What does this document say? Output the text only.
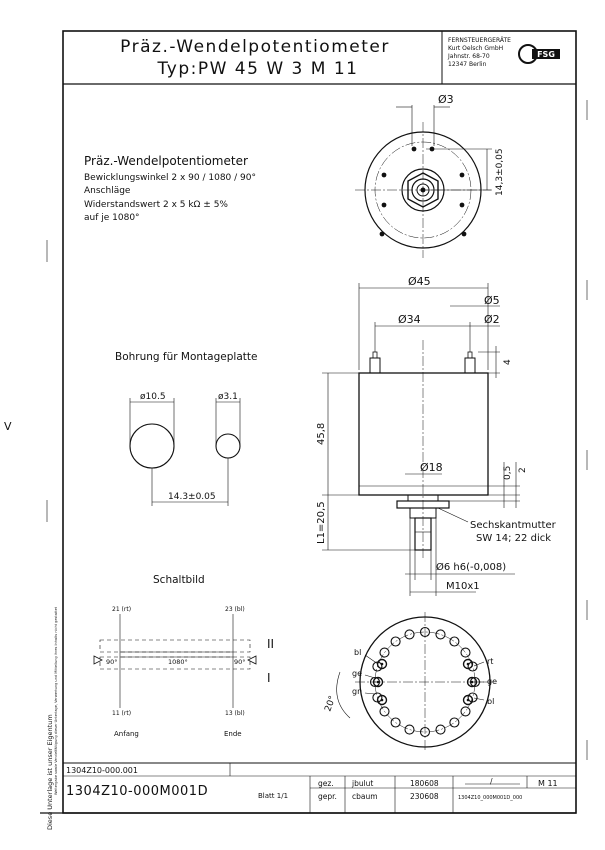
V
Präz.-Wendelpotentiometer
Typ:PW 45 W 3 M 11
FERNSTEUERGERÄTE
Kurt Oelsch GmbH
Jahnstr. 68-70
12347 Berlin
FSG
Präz.-Wendelpotentiometer
Bewicklungswinkel 2 x 90 / 1080 / 90°
Anschläge
Widerstandswert 2 x 5 kΩ ± 5%
auf je 1080°
Ø3
14,3±0,05
Ø45
Ø5
Ø34	Ø2
4
45,8
L1=20,5
Ø18	0,5 2
Sechskantmutter
SW 14; 22 dick
Ø6 h6(-0,008)
M10x1
Bohrung für Montageplatte
ø10.5	ø3.1
14.3±0.05
Schaltbild
21 (rt)	23 (bl)
90°	1080°	90°
II
I
11 (rt)	13 (bl)
Anfang	Ende
bl
ge
gn
rt
ge
bl
20°
Diese Unterlage ist unser Eigentum Weitergabe sowie Vervielfältigung dieser Unterlage, Verwertung und Mitteilung ihres Inhalts nicht gestattet 1304Z10-000.001
1304Z10-000M001D	Blatt 1/1
gez. jbulut	180608
gepr. cbaum	230608
/	M 11
1304Z10_000M001D_000
